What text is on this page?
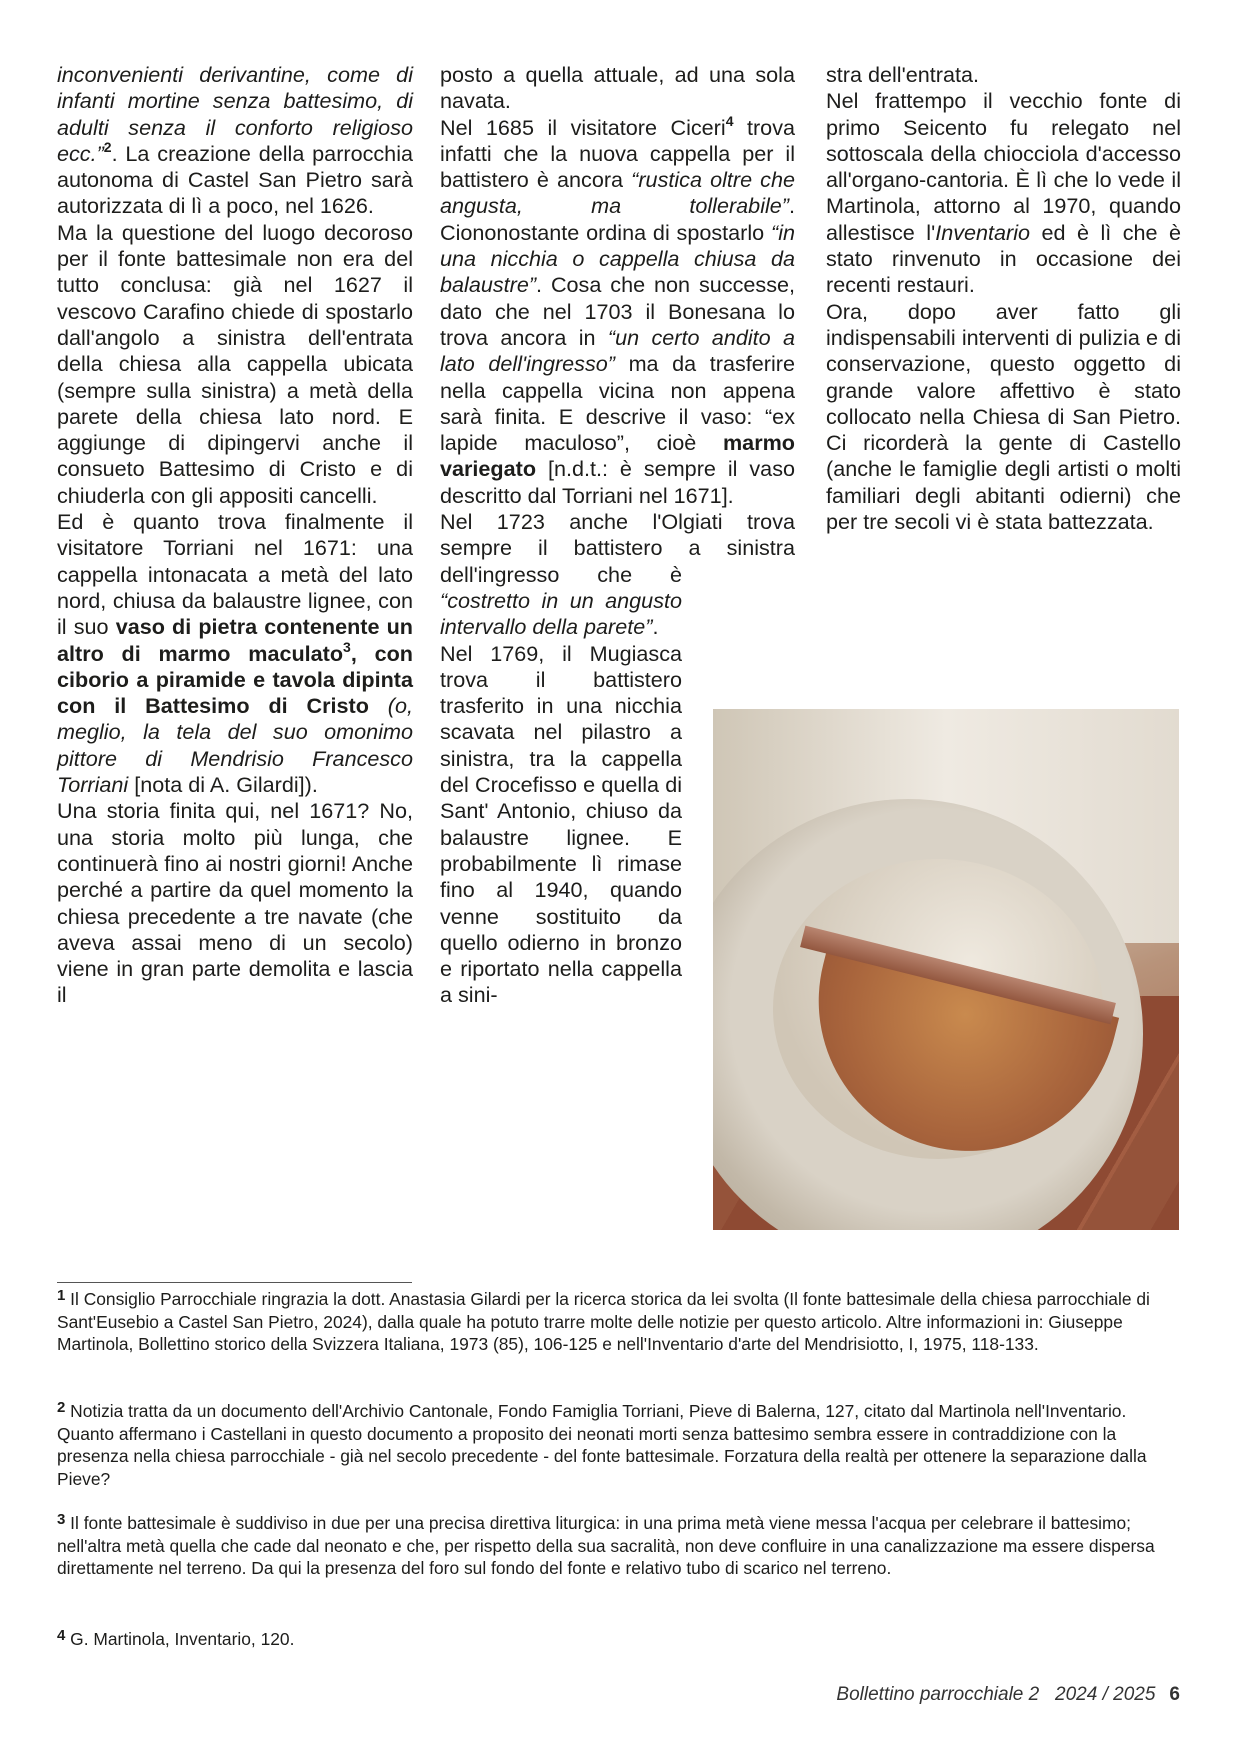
inconvenienti derivantine, come di infanti mortine senza battesimo, di adulti senza il conforto religioso ecc.”$^2$. La creazione della parrocchia autonoma di Castel San Pietro sarà autorizzata di lì a poco, nel 1626.

Ma la questione del luogo decoroso per il fonte battesimale non era del tutto conclusa: già nel 1627 il vescovo Carafino chiede di spostarlo dall'angolo a sinistra dell'entrata della chiesa alla cappella ubicata (sempre sulla sinistra) a metà della parete della chiesa lato nord. E aggiunge di dipingervi anche il consueto Battesimo di Cristo e di chiuderla con gli appositi cancelli.

Ed è quanto trova finalmente il visitatore Torriani nel 1671: una cappella intonacata a metà del lato nord, chiusa da balaustre lignee, con il suo vaso di pietra contenente un altro di marmo maculato$^3$, con ciborio a piramide e tavola dipinta con il Battesimo di Cristo (o, meglio, la tela del suo omonimo pittore di Mendrisio Francesco Torriani [nota di A. Gilardi]).

Una storia finita qui, nel 1671? No, una storia molto più lunga, che continuerà fino ai nostri giorni! Anche perché a partire da quel momento la chiesa precedente a tre navate (che aveva assai meno di un secolo) viene in gran parte demolita e lascia il

posto a quella attuale, ad una sola navata.

Nel 1685 il visitatore Ciceri$^4$ trova infatti che la nuova cappella per il battistero è ancora “rustica oltre che angusta, ma tollerabile”. Ciononostante ordina di spostarlo “in una nicchia o cappella chiusa da balaustre”. Cosa che non successe, dato che nel 1703 il Bonesana lo trova ancora in “un certo andito a lato dell'ingresso” ma da trasferire nella cappella vicina non appena sarà finita. E descrive il vaso: “ex lapide maculoso”, cioè marmo variegato [n.d.t.: è sempre il vaso descritto dal Torriani nel 1671].

Nel 1723 anche l'Olgiati trova sempre il battistero a sinistra

dell'ingresso che è “costretto in un angusto intervallo della parete”.

Nel 1769, il Mugiasca trova il battistero trasferito in una nicchia scavata nel pilastro a sinistra, tra la cappella del Crocefisso e quella di Sant' Antonio, chiuso da balaustre lignee. E probabilmente lì rimase fino al 1940, quando venne sostituito da quello odierno in bronzo e riportato nella cappella a sini-

stra dell'entrata.

Nel frattempo il vecchio fonte di primo Seicento fu relegato nel sottoscala della chiocciola d'accesso all'organo-cantoria. È lì che lo vede il Martinola, attorno al 1970, quando allestisce l'Inventario ed è lì che è stato rinvenuto in occasione dei recenti restauri.

Ora, dopo aver fatto gli indispensabili interventi di pulizia e di conservazione, questo oggetto di grande valore affettivo è stato collocato nella Chiesa di San Pietro. Ci ricorderà la gente di Castello (anche le famiglie degli artisti o molti familiari degli abitanti odierni) che per tre secoli vi è stata battezzata.

$^1$ Il Consiglio Parrocchiale ringrazia la dott. Anastasia Gilardi per la ricerca storica da lei svolta (Il fonte battesimale della chiesa parrocchiale di Sant'Eusebio a Castel San Pietro, 2024), dalla quale ha potuto trarre molte delle notizie per questo articolo. Altre informazioni in: Giuseppe Martinola, Bollettino storico della Svizzera Italiana, 1973 (85), 106-125 e nell'Inventario d'arte del Mendrisiotto, I, 1975, 118-133.
$^2$ Notizia tratta da un documento dell'Archivio Cantonale, Fondo Famiglia Torriani, Pieve di Balerna, 127, citato dal Martinola nell'Inventario. Quanto affermano i Castellani in questo documento a proposito dei neonati morti senza battesimo sembra essere in contraddizione con la presenza nella chiesa parrocchiale - già nel secolo precedente - del fonte battesimale. Forzatura della realtà per ottenere la separazione dalla Pieve?
$^3$ Il fonte battesimale è suddiviso in due per una precisa direttiva liturgica: in una prima metà viene messa l'acqua per celebrare il battesimo; nell'altra metà quella che cade dal neonato e che, per rispetto della sua sacralità, non deve confluire in una canalizzazione ma essere dispersa direttamente nel terreno. Da qui la presenza del foro sul fondo del fonte e relativo tubo di scarico nel terreno.
$^4$ G. Martinola, Inventario, 120.
Bollettino parrocchiale 2   2024 / 2025 6
